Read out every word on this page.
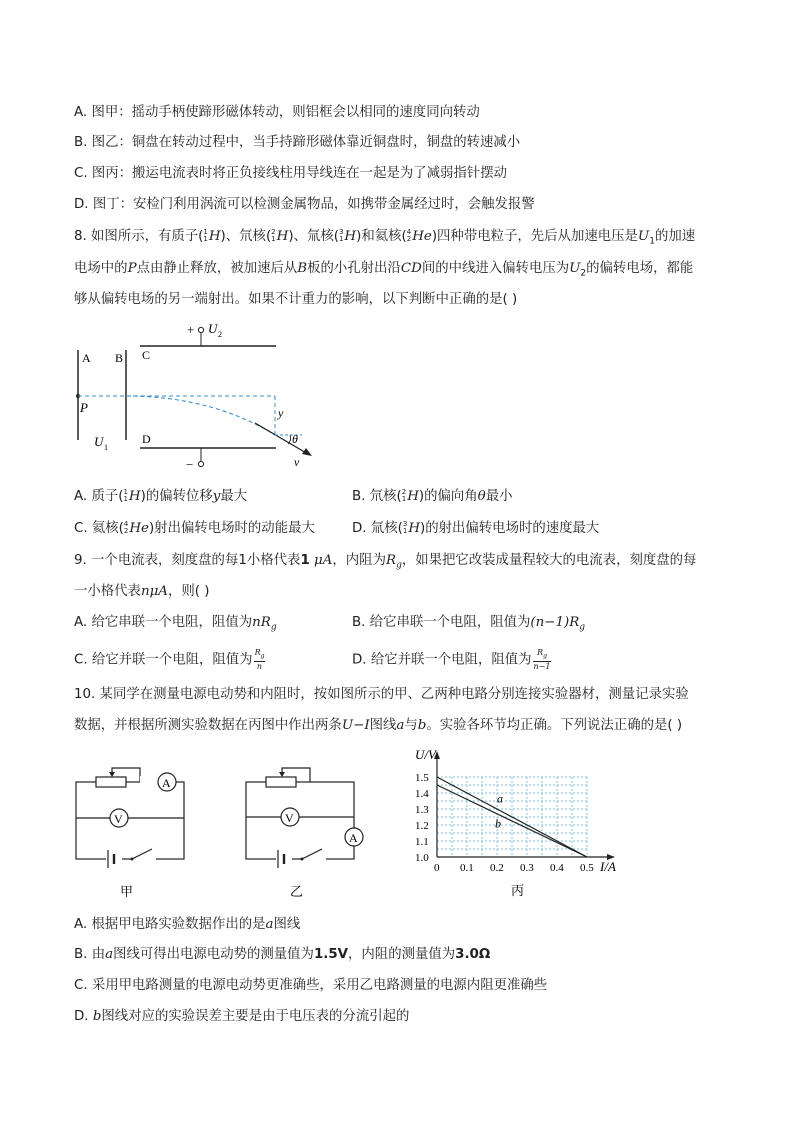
A. 图甲：摇动手柄使蹄形磁体转动，则铝框会以相同的速度同向转动
B. 图乙：铜盘在转动过程中，当手持蹄形磁体靠近铜盘时，铜盘的转速减小
C. 图丙：搬运电流表时将正负接线柱用导线连在一起是为了减弱指针摆动
D. 图丁：安检门利用涡流可以检测金属物品，如携带金属经过时，会触发报警
8. 如图所示，有质子( 1
1 H)、氘核( 2
1 H)、氚核( 3
1 H)和氦核( 4
2 He)四种带电粒子，先后从加速电压是$U_1$的加速
电场中的P点由静止释放，被加速后从B板的小孔射出沿CD间的中线进入偏转电压为$U_2$的偏转电场，都能
够从偏转电场的另一端射出。如果不计重力的影响，以下判断中正确的是( )
+ U 2
−
A B C
D
P
U 1
y
θ
v
A. 质子( 1
1 H)的偏转位移y最大	B. 氘核( 2
1 H)的偏向角θ最小
C. 氦核( 4
2 He)射出偏转电场时的动能最大	D. 氚核( 3
1 H)的射出偏转电场时的速度最大
9. 一个电流表，刻度盘的每1小格代表1 μA，内阻为$R_g$，如果把它改装成量程较大的电流表，刻度盘的每
一小格代表nμA，则( )
A. 给它串联一个电阻，阻值为$nR_g$	B. 给它串联一个电阻，阻值为$(n-1)R_g$
C. 给它并联一个电阻，阻值为 $\frac{R_g}{n}$	D. 给它并联一个电阻，阻值为 $\frac{R_g}{n-1}$
10. 某同学在测量电源电动势和内阻时，按如图所示的甲、乙两种电路分别连接实验器材，测量记录实验
数据，并根据所测实验数据在丙图中作出两条U−I图线a与b。实验各环节均正确。下列说法正确的是( )
A
V
甲
V
A
乙
0 0.1 0.2 0.3 0.4 0.5
1.0
1.1
1.2
1.3
1.4
1.5
a
b
U/V
I/A
丙
A. 根据甲电路实验数据作出的是a图线
B. 由a图线可得出电源电动势的测量值为1.5V，内阻的测量值为3.0Ω
C. 采用甲电路测量的电源电动势更准确些，采用乙电路测量的电源内阻更准确些
D. b图线对应的实验误差主要是由于电压表的分流引起的
